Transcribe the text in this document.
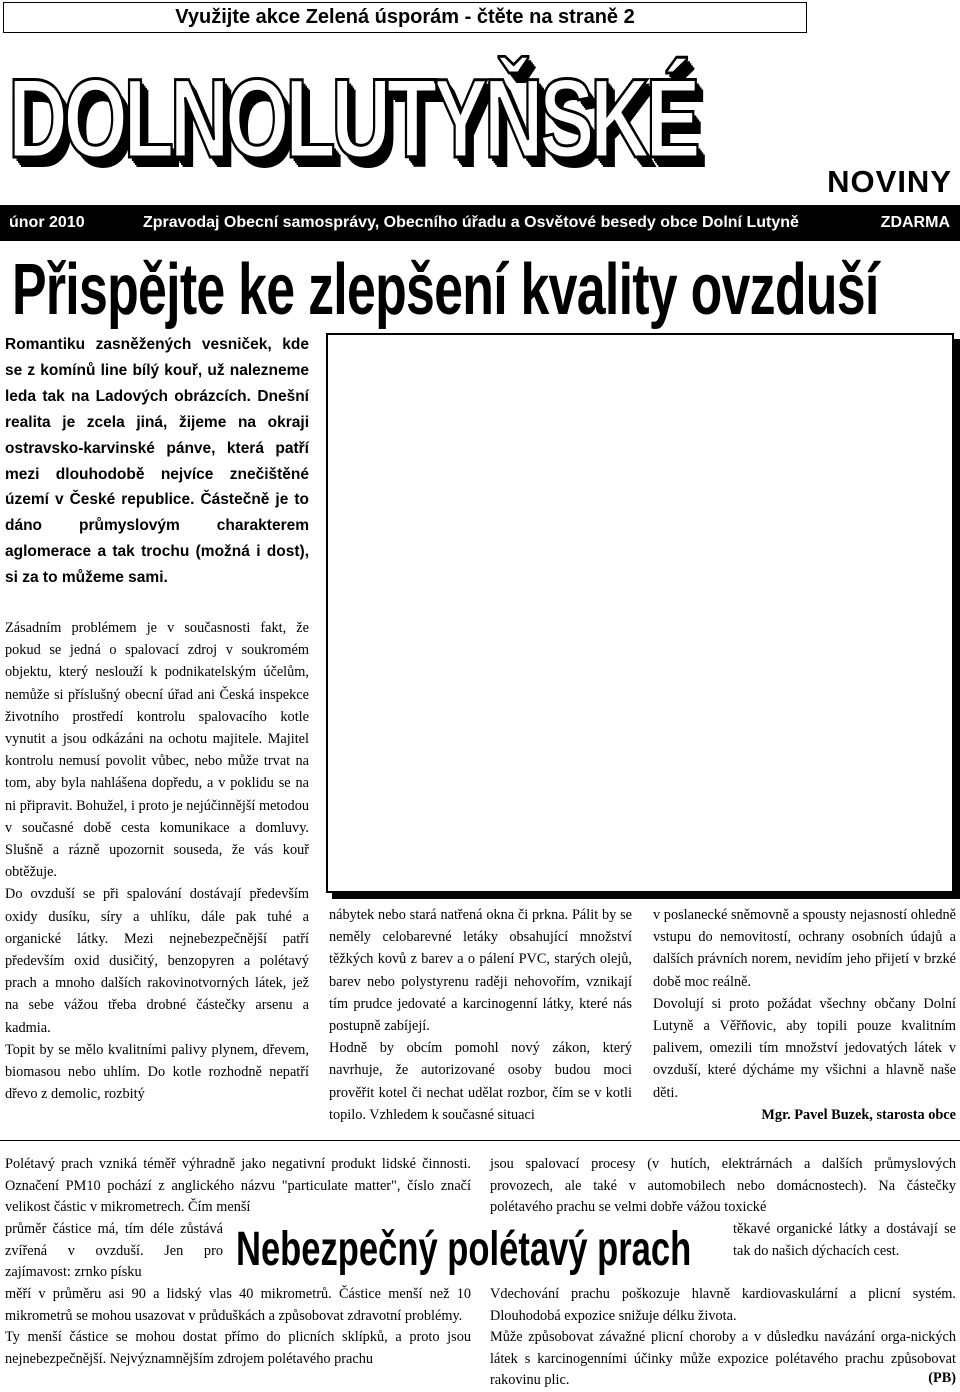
Využijte akce Zelená úsporám - čtěte na straně 2
DOLNOLUTYŇSKÉ
NOVINY
únor 2010	Zpravodaj Obecní samosprávy, Obecního úřadu a Osvětové besedy obce Dolní Lutyně	ZDARMA
Přispějte ke zlepšení kvality ovzduší
Romantiku zasněžených vesniček, kde se z komínů line bílý kouř, už nalezneme leda tak na Ladových obrázcích. Dnešní realita je zcela jiná, žijeme na okraji ostravsko-karvinské pánve, která patří mezi dlouhodobě nejvíce znečištěné území v České republice. Částečně je to dáno průmyslovým charakterem aglomerace a tak trochu (možná i dost), si za to můžeme sami.

Zásadním problémem je v současnosti fakt, že pokud se jedná o spalovací zdroj v soukromém objektu, který neslouží k podnikatelským účelům, nemůže si příslušný obecní úřad ani Česká inspekce životního prostředí kontrolu spalovacího kotle vynutit a jsou odkázáni na ochotu majitele. Majitel kontrolu nemusí povolit vůbec, nebo může trvat na tom, aby byla nahlášena dopředu, a v poklidu se na ni připravit. Bohužel, i proto je nejúčinnější metodou v současné době cesta komunikace a domluvy. Slušně a rázně upozornit souseda, že vás kouř obtěžuje.

Do ovzduší se při spalování dostávají především oxidy dusíku, síry a uhlíku, dále pak tuhé a organické látky. Mezi nejnebezpečnější patří především oxid dusičitý, benzopyren a polétavý prach a mnoho dalších rakovinotvorných látek, jež na sebe vážou třeba drobné částečky arsenu a kadmia.

Topit by se mělo kvalitními palivy plynem, dřevem, biomasou nebo uhlím. Do kotle rozhodně nepatří dřevo z demolic, rozbitý

nábytek nebo stará natřená okna či prkna. Pálit by se neměly celobarevné letáky obsahující množství těžkých kovů z barev a o pálení PVC, starých olejů, barev nebo polystyrenu raději nehovořím, vznikají tím prudce jedovaté a karcinogenní látky, které nás postupně zabíjejí.

Hodně by obcím pomohl nový zákon, který navrhuje, že autorizované osoby budou moci prověřit kotel či nechat udělat rozbor, čím se v kotli topilo. Vzhledem k současné situaci

v poslanecké sněmovně a spousty nejasností ohledně vstupu do nemovitostí, ochrany osobních údajů a dalších právních norem, nevidím jeho přijetí v brzké době moc reálně.

Dovolují si proto požádat všechny občany Dolní Lutyně a Věřňovic, aby topili pouze kvalitním palivem, omezili tím množství jedovatých látek v ovzduší, které dýcháme my všichni a hlavně naše děti.

Mgr. Pavel Buzek, starosta obce

Polétavý prach vzniká téměř výhradně jako negativní produkt lidské činnosti. Označení PM10 pochází z anglického názvu "particulate matter", číslo značí velikost částic v mikrometrech. Čím menší
průměr částice má, tím déle zůstává zvířená v ovzduší. Jen pro zajímavost: zrnko písku

měří v průměru asi 90 a lidský vlas 40 mikrometrů. Částice menší než 10 mikrometrů se mohou usazovat v průduškách a způsobovat zdravotní problémy.

Ty menší částice se mohou dostat přímo do plicních sklípků, a proto jsou nejnebezpečnější. Nejvýznamnějším zdrojem polétavého prachu

Nebezpečný polétavý prach
jsou spalovací procesy (v hutích, elektrárnách a dalších průmyslových provozech, ale také v automobilech nebo domácnostech). Na částečky polétavého prachu se velmi dobře vážou toxické
těkavé organické látky a dostávají se tak do našich dýchacích cest.

Vdechování prachu poškozuje hlavně kardiovaskulární a plicní systém. Dlouhodobá expozice snižuje délku života.

Může způsobovat závažné plicní choroby a v důsledku navázání orga-nických látek s karcinogenními účinky může expozice polétavého prachu způsobovat rakovinu plic.	(PB)
